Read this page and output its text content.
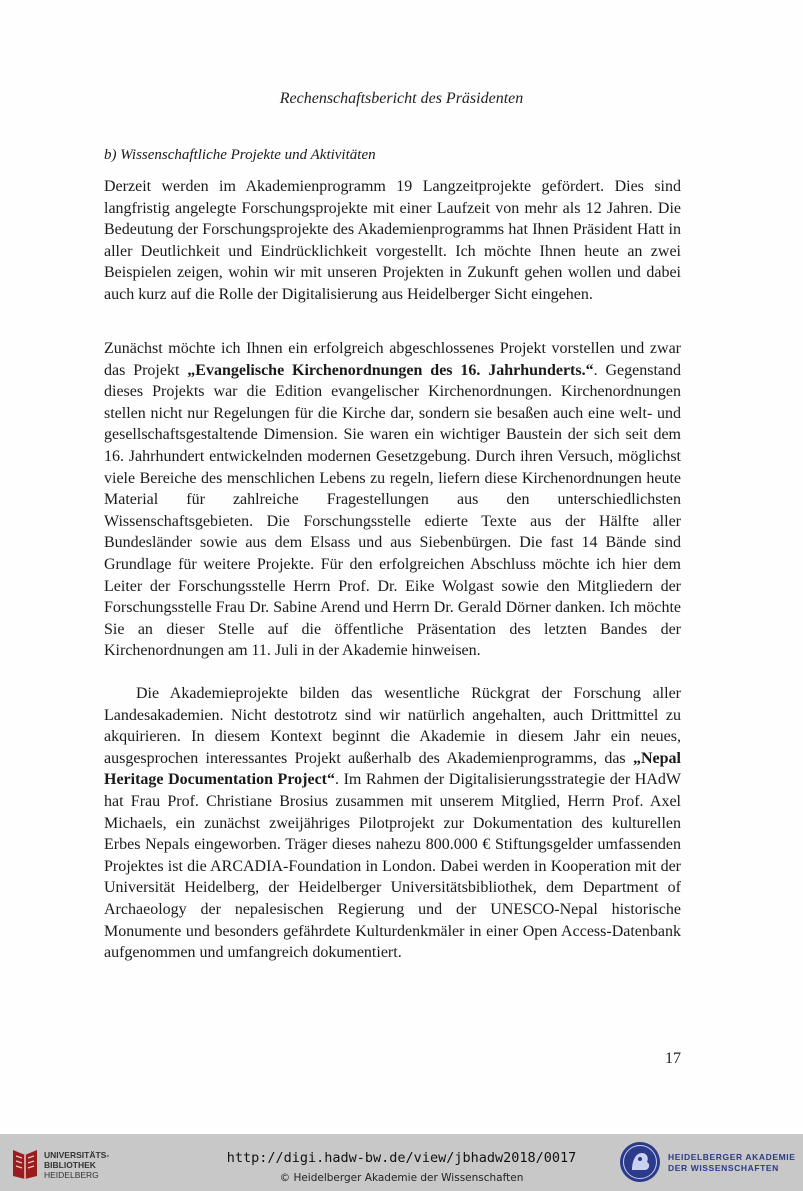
Rechenschaftsbericht des Präsidenten
b) Wissenschaftliche Projekte und Aktivitäten

Derzeit werden im Akademienprogramm 19 Langzeitprojekte gefördert. Dies sind langfristig angelegte Forschungsprojekte mit einer Laufzeit von mehr als 12 Jahren. Die Bedeutung der Forschungsprojekte des Akademienprogramms hat Ihnen Präsident Hatt in aller Deutlichkeit und Eindrücklichkeit vorgestellt. Ich möchte Ihnen heute an zwei Beispielen zeigen, wohin wir mit unseren Projekten in Zukunft gehen wollen und dabei auch kurz auf die Rolle der Digitalisierung aus Heidelberger Sicht eingehen.

Zunächst möchte ich Ihnen ein erfolgreich abgeschlossenes Projekt vorstellen und zwar das Projekt „Evangelische Kirchenordnungen des 16. Jahrhunderts.“. Gegenstand dieses Projekts war die Edition evangelischer Kirchenordnungen. Kirchenordnungen stellen nicht nur Regelungen für die Kirche dar, sondern sie besaßen auch eine welt- und gesellschaftsgestaltende Dimension. Sie waren ein wichtiger Baustein der sich seit dem 16. Jahrhundert entwickelnden modernen Gesetzgebung. Durch ihren Versuch, möglichst viele Bereiche des menschlichen Lebens zu regeln, liefern diese Kirchenordnungen heute Material für zahlreiche Fragestellungen aus den unterschiedlichsten Wissenschaftsgebieten. Die Forschungsstelle edierte Texte aus der Hälfte aller Bundesländer sowie aus dem Elsass und aus Siebenbürgen. Die fast 14 Bände sind Grundlage für weitere Projekte. Für den erfolgreichen Abschluss möchte ich hier dem Leiter der Forschungsstelle Herrn Prof. Dr. Eike Wolgast sowie den Mitgliedern der Forschungsstelle Frau Dr. Sabine Arend und Herrn Dr. Gerald Dörner danken. Ich möchte Sie an dieser Stelle auf die öffentliche Präsentation des letzten Bandes der Kirchenordnungen am 11. Juli in der Akademie hinweisen.

Die Akademieprojekte bilden das wesentliche Rückgrat der Forschung aller Landesakademien. Nicht destotrotz sind wir natürlich angehalten, auch Drittmittel zu akquirieren. In diesem Kontext beginnt die Akademie in diesem Jahr ein neues, ausgesprochen interessantes Projekt außerhalb des Akademienprogramms, das „Nepal Heritage Documentation Project“. Im Rahmen der Digitalisierungsstrategie der HAdW hat Frau Prof. Christiane Brosius zusammen mit unserem Mitglied, Herrn Prof. Axel Michaels, ein zunächst zweijähriges Pilotprojekt zur Dokumentation des kulturellen Erbes Nepals eingeworben. Träger dieses nahezu 800.000 € Stiftungsgelder umfassenden Projektes ist die ARCADIA-Foundation in London. Dabei werden in Kooperation mit der Universität Heidelberg, der Heidelberger Universitätsbibliothek, dem Department of Archaeology der nepalesischen Regierung und der UNESCO-Nepal historische Monumente und besonders gefährdete Kulturdenkmäler in einer Open Access-Datenbank aufgenommen und umfangreich dokumentiert.

17
UNIVERSITÄTS-
BIBLIOTHEK
HEIDELBERG
http://digi.hadw-bw.de/view/jbhadw2018/0017
© Heidelberger Akademie der Wissenschaften
HEIDELBERGER AKADEMIE
DER WISSENSCHAFTEN
